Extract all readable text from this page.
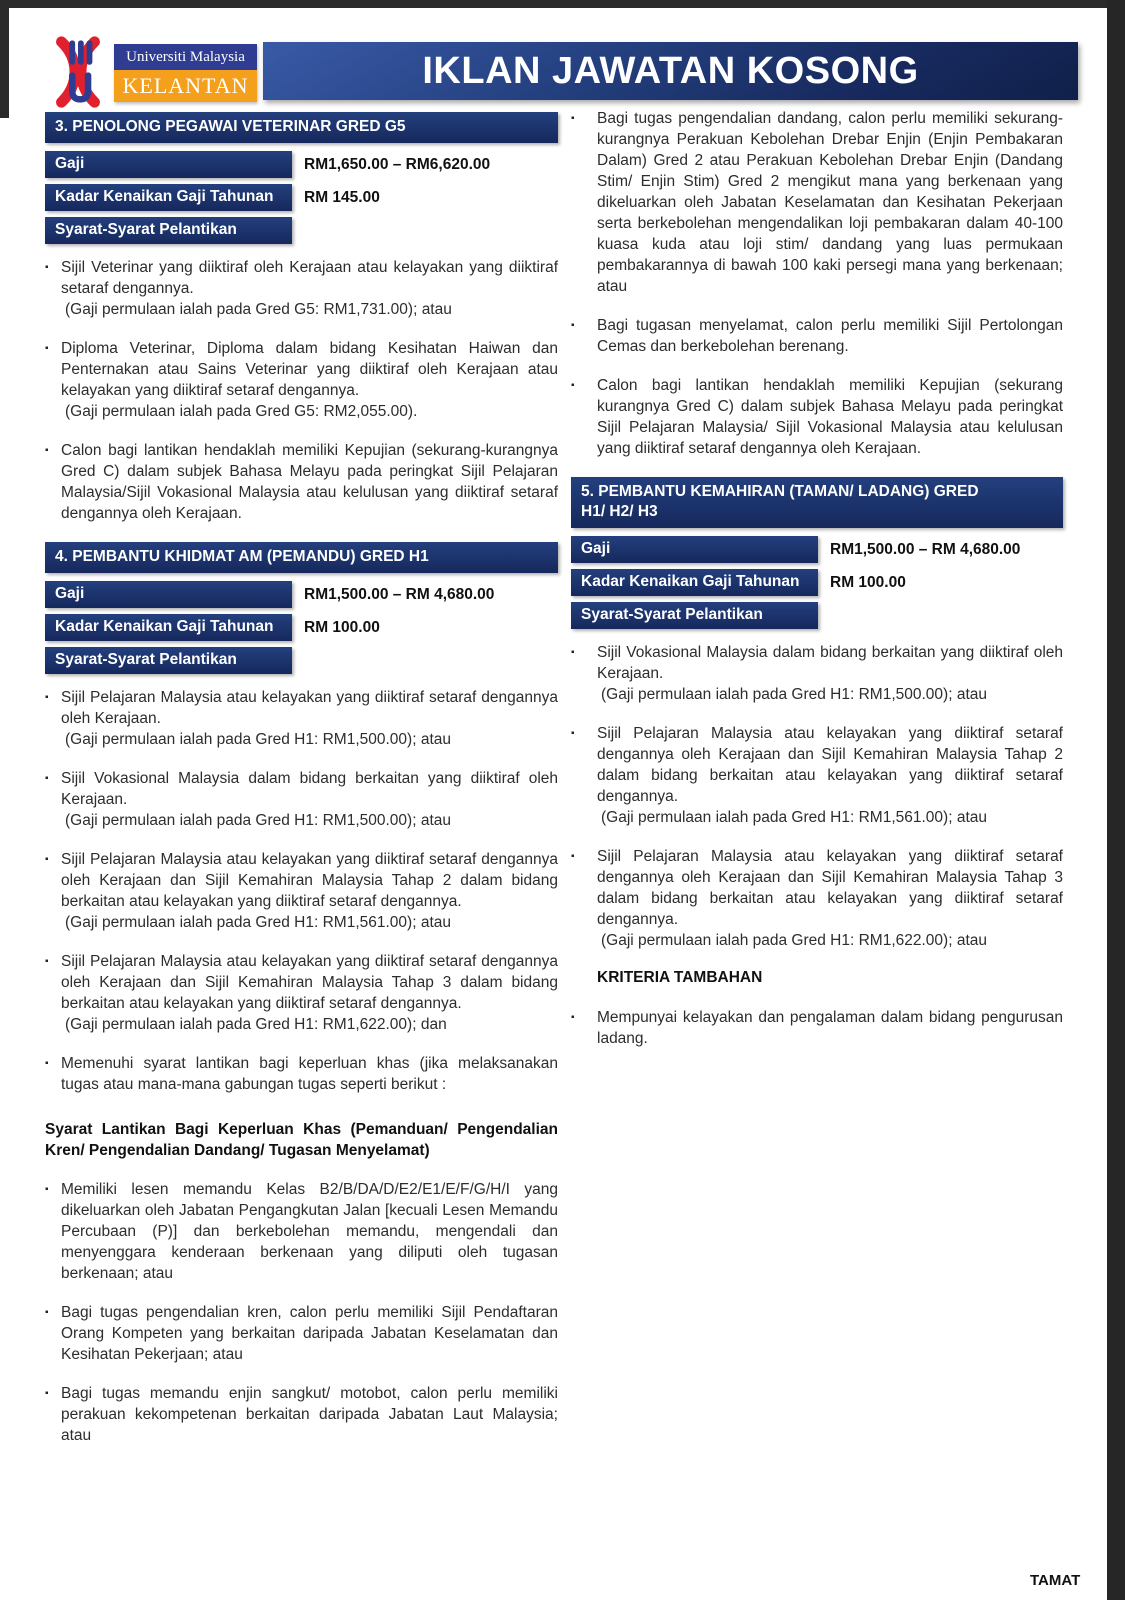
Universiti Malaysia
KELANTAN	IKLAN JAWATAN KOSONG
3. PENOLONG PEGAWAI VETERINAR GRED G5
Gaji	RM1,650.00 – RM6,620.00
Kadar Kenaikan Gaji Tahunan	RM 145.00
Syarat-Syarat Pelantikan
▪ Sijil Veterinar yang diiktiraf oleh Kerajaan atau kelayakan yang diiktiraf setaraf dengannya.
(Gaji permulaan ialah pada Gred G5: RM1,731.00); atau
▪ Diploma Veterinar, Diploma dalam bidang Kesihatan Haiwan dan Penternakan atau Sains Veterinar yang diiktiraf oleh Kerajaan atau kelayakan yang diiktiraf setaraf dengannya.
(Gaji permulaan ialah pada Gred G5: RM2,055.00).
▪ Calon bagi lantikan hendaklah memiliki Kepujian (sekurang-kurangnya Gred C) dalam subjek Bahasa Melayu pada peringkat Sijil Pelajaran Malaysia/Sijil Vokasional Malaysia atau kelulusan yang diiktiraf setaraf dengannya oleh Kerajaan.
4. PEMBANTU KHIDMAT AM (PEMANDU) GRED H1
Gaji	RM1,500.00 – RM 4,680.00
Kadar Kenaikan Gaji Tahunan	RM 100.00
Syarat-Syarat Pelantikan
▪ Sijil Pelajaran Malaysia atau kelayakan yang diiktiraf setaraf dengannya oleh Kerajaan.
(Gaji permulaan ialah pada Gred H1: RM1,500.00); atau
▪ Sijil Vokasional Malaysia dalam bidang berkaitan yang diiktiraf oleh Kerajaan.
(Gaji permulaan ialah pada Gred H1: RM1,500.00); atau
▪ Sijil Pelajaran Malaysia atau kelayakan yang diiktiraf setaraf dengannya oleh Kerajaan dan Sijil Kemahiran Malaysia Tahap 2 dalam bidang berkaitan atau kelayakan yang diiktiraf setaraf dengannya.
(Gaji permulaan ialah pada Gred H1: RM1,561.00); atau
▪ Sijil Pelajaran Malaysia atau kelayakan yang diiktiraf setaraf dengannya oleh Kerajaan dan Sijil Kemahiran Malaysia Tahap 3 dalam bidang berkaitan atau kelayakan yang diiktiraf setaraf dengannya.
(Gaji permulaan ialah pada Gred H1: RM1,622.00); dan
▪ Memenuhi syarat lantikan bagi keperluan khas (jika melaksanakan tugas atau mana-mana gabungan tugas seperti berikut :
Syarat Lantikan Bagi Keperluan Khas (Pemanduan/ Pengendalian Kren/ Pengendalian Dandang/ Tugasan Menyelamat)
▪ Memiliki lesen memandu Kelas B2/B/DA/D/E2/E1/E/F/G/H/I yang dikeluarkan oleh Jabatan Pengangkutan Jalan [kecuali Lesen Memandu Percubaan (P)] dan berkebolehan memandu, mengendali dan menyenggara kenderaan berkenaan yang diliputi oleh tugasan berkenaan; atau
▪ Bagi tugas pengendalian kren, calon perlu memiliki Sijil Pendaftaran Orang Kompeten yang berkaitan daripada Jabatan Keselamatan dan Kesihatan Pekerjaan; atau
▪ Bagi tugas memandu enjin sangkut/ motobot, calon perlu memiliki perakuan kekompetenan berkaitan daripada Jabatan Laut Malaysia; atau
▪	Bagi tugas pengendalian dandang, calon perlu memiliki sekurang-kurangnya Perakuan Kebolehan Drebar Enjin (Enjin Pembakaran Dalam) Gred 2 atau Perakuan Kebolehan Drebar Enjin (Dandang Stim/ Enjin Stim) Gred 2 mengikut mana yang berkenaan yang dikeluarkan oleh Jabatan Keselamatan dan Kesihatan Pekerjaan serta berkebolehan mengendalikan loji pembakaran dalam 40-100 kuasa kuda atau loji stim/ dandang yang luas permukaan pembakarannya di bawah 100 kaki persegi mana yang berkenaan; atau
▪	Bagi tugasan menyelamat, calon perlu memiliki Sijil Pertolongan Cemas dan berkebolehan berenang.
▪	Calon bagi lantikan hendaklah memiliki Kepujian (sekurang kurangnya Gred C) dalam subjek Bahasa Melayu pada peringkat Sijil Pelajaran Malaysia/ Sijil Vokasional Malaysia atau kelulusan yang diiktiraf setaraf dengannya oleh Kerajaan.
5. PEMBANTU KEMAHIRAN (TAMAN/ LADANG) GRED H1/ H2/ H3
Gaji	RM1,500.00 – RM 4,680.00
Kadar Kenaikan Gaji Tahunan	RM 100.00
Syarat-Syarat Pelantikan
▪	Sijil Vokasional Malaysia dalam bidang berkaitan yang diiktiraf oleh Kerajaan.
(Gaji permulaan ialah pada Gred H1: RM1,500.00); atau
▪	Sijil Pelajaran Malaysia atau kelayakan yang diiktiraf setaraf dengannya oleh Kerajaan dan Sijil Kemahiran Malaysia Tahap 2 dalam bidang berkaitan atau kelayakan yang diiktiraf setaraf dengannya.
(Gaji permulaan ialah pada Gred H1: RM1,561.00); atau
▪	Sijil Pelajaran Malaysia atau kelayakan yang diiktiraf setaraf dengannya oleh Kerajaan dan Sijil Kemahiran Malaysia Tahap 3 dalam bidang berkaitan atau kelayakan yang diiktiraf setaraf dengannya.
(Gaji permulaan ialah pada Gred H1: RM1,622.00); atau
KRITERIA TAMBAHAN
▪	Mempunyai kelayakan dan pengalaman dalam bidang pengurusan ladang.
TAMAT
